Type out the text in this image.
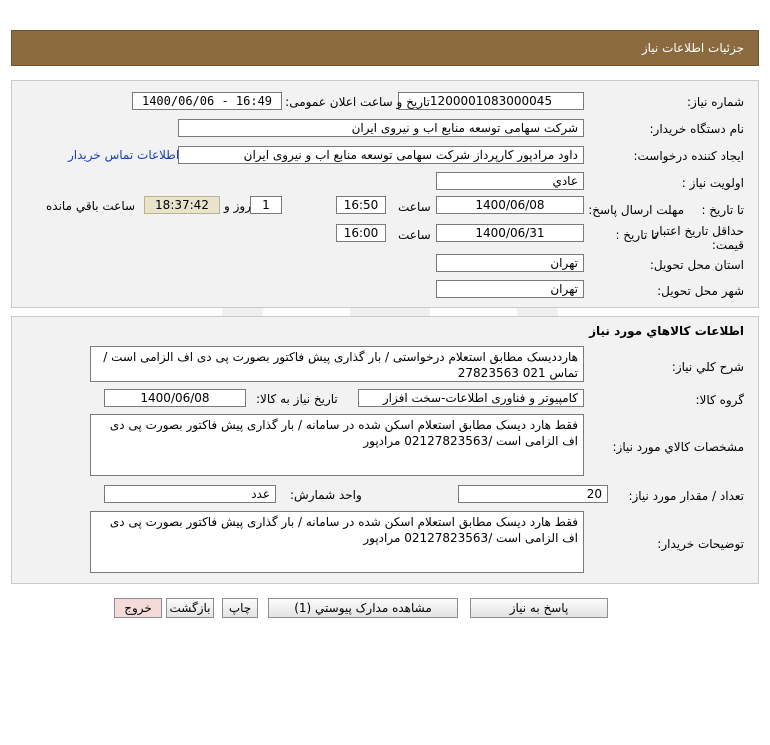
جزئیات اطلاعات نیاز
شماره نیاز:
1200001083000045
تاریخ و ساعت اعلان عمومی:
1400/06/06 - 16:49
نام دستگاه خریدار:
شرکت سهامی توسعه منابع اب و نیروی ایران
ایجاد کننده درخواست:
داود مرادپور کارپرداز شرکت سهامی توسعه منابع اب و نیروی ایران
اطلاعات تماس خریدار
اولویت نیاز :
عادي
مهلت ارسال پاسخ: تا تاریخ :
1400/06/08
ساعت
16:50
1
روز و
18:37:42
ساعت باقي مانده
حداقل تاریخ اعتبار قیمت:
تا تاریخ :
1400/06/31
ساعت
16:00
استان محل تحویل:
تهران
شهر محل تحویل:
تهران
اطلاعات کالاهاي مورد نياز
شرح کلي نياز:
هارددیسک مطابق استعلام درخواستی / بار گذاری پیش فاکتور بصورت پی دی اف الزامی است / تماس 021 27823563
گروه کالا:
کامپیوتر و فناوری اطلاعات-سخت افزار
تاریخ نیاز به کالا:
1400/06/08
مشخصات کالاي مورد نياز:
فقط هارد دیسک مطابق استعلام اسکن شده در سامانه / بار گذاری پیش فاکتور بصورت پی دی اف الزامی است /02127823563 مرادپور
تعداد / مقدار مورد نیاز:
20
واحد شمارش:
عدد
توضیحات خریدار:
فقط هارد دیسک مطابق استعلام اسکن شده در سامانه / بار گذاری پیش فاکتور بصورت پی دی اف الزامی است /02127823563 مرادپور
پاسخ به نیاز
مشاهده مدارک پیوستي (1)
چاپ
بازگشت
خروج
